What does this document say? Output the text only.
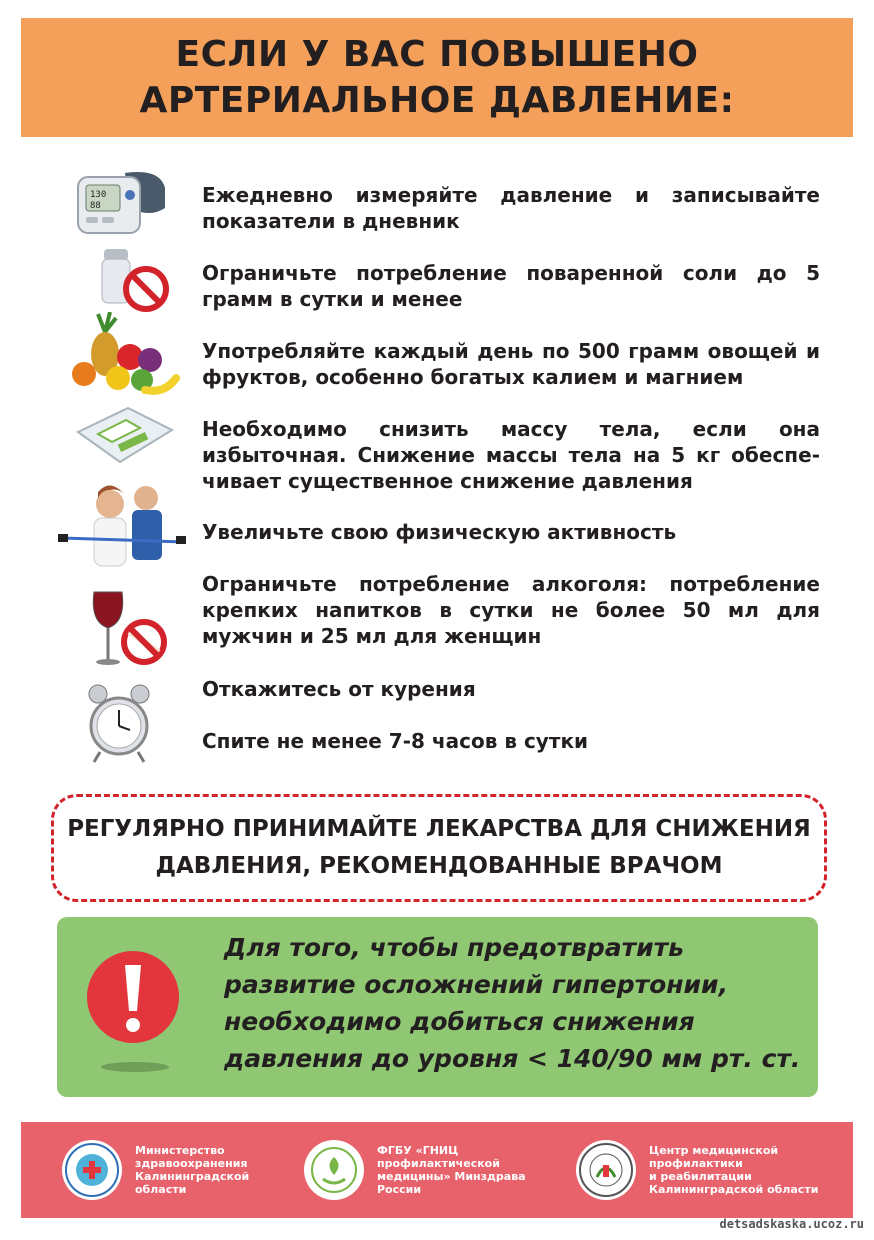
ЕСЛИ У ВАС ПОВЫШЕНО
АРТЕРИАЛЬНОЕ ДАВЛЕНИЕ:
130
88	Ежедневно измеряйте давление и записывайте показатели в дневник
Ограничьте потребление поваренной соли до 5 грамм в сутки и менее
Употребляйте каждый день по 500 грамм овощей и фруктов, особенно богатых калием и магнием
Необходимо снизить массу тела, если она избыточная. Снижение массы тела на 5 кг обеспе-чивает существенное снижение давления
Увеличьте свою физическую активность
Ограничьте потребление алкоголя: потребление крепких напитков в сутки не более 50 мл для мужчин и 25 мл для женщин
Откажитесь от курения
Спите не менее 7-8 часов в сутки
РЕГУЛЯРНО ПРИНИМАЙТЕ ЛЕКАРСТВА ДЛЯ СНИЖЕНИЯ
ДАВЛЕНИЯ, РЕКОМЕНДОВАННЫЕ ВРАЧОМ
Для того, чтобы предотвратить
развитие осложнений гипертонии,
необходимо добиться снижения
давления до уровня < 140/90 мм рт. ст.
Министерство
здравоохранения
Калининградской
области
ФГБУ «ГНИЦ
профилактической
медицины» Минздрава
России
Центр медицинской
профилактики
и реабилитации
Калининградской области
detsadskaska.ucoz.ru
